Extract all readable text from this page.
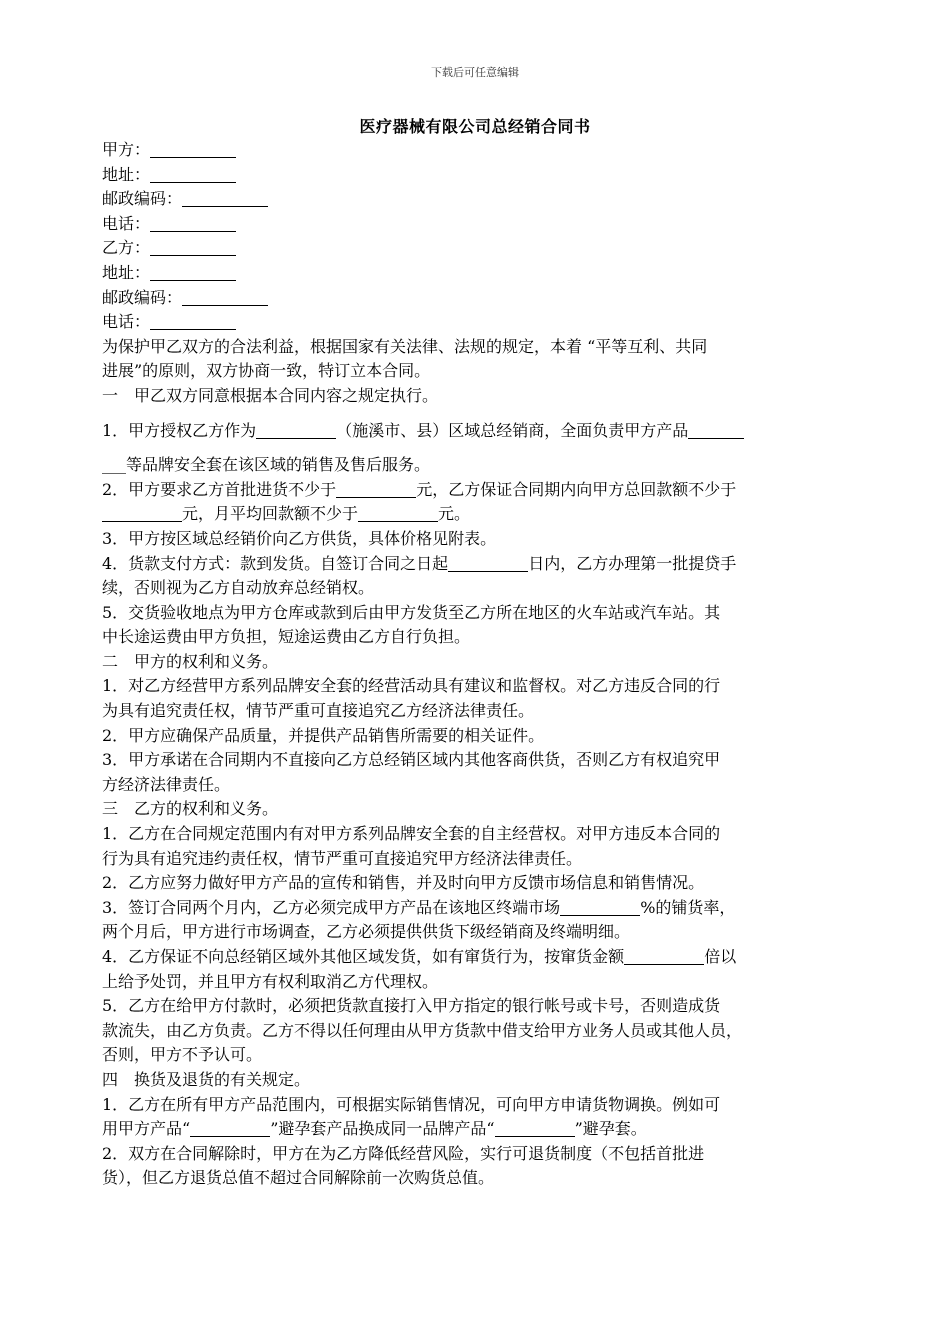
下载后可任意编辑
医疗器械有限公司总经销合同书
甲方：
地址：
邮政编码：
电话：
乙方：
地址：
邮政编码：
电话：
为保护甲乙双方的合法利益，根据国家有关法律、法规的规定，本着 “平等互利、共同
进展”的原则，双方协商一致，特订立本合同。
一　甲乙双方同意根据本合同内容之规定执行。
1．甲方授权乙方作为	（施溪市、县）区域总经销商，全面负责甲方产品
___等品牌安全套在该区域的销售及售后服务。
2．甲方要求乙方首批进货不少于	元，乙方保证合同期内向甲方总回款额不少于
元，月平均回款额不少于	元。
3．甲方按区域总经销价向乙方供货，具体价格见附表。
4．货款支付方式：款到发货。自签订合同之日起	日内，乙方办理第一批提贷手
续，否则视为乙方自动放弃总经销权。
5．交货验收地点为甲方仓库或款到后由甲方发货至乙方所在地区的火车站或汽车站。其
中长途运费由甲方负担，短途运费由乙方自行负担。
二　甲方的权利和义务。
1．对乙方经营甲方系列品牌安全套的经营活动具有建议和监督权。对乙方违反合同的行
为具有追究责任权，情节严重可直接追究乙方经济法律责任。
2．甲方应确保产品质量，并提供产品销售所需要的相关证件。
3．甲方承诺在合同期内不直接向乙方总经销区域内其他客商供货，否则乙方有权追究甲
方经济法律责任。
三　乙方的权利和义务。
1．乙方在合同规定范围内有对甲方系列品牌安全套的自主经营权。对甲方违反本合同的
行为具有追究违约责任权，情节严重可直接追究甲方经济法律责任。
2．乙方应努力做好甲方产品的宣传和销售，并及时向甲方反馈市场信息和销售情况。
3．签订合同两个月内，乙方必须完成甲方产品在该地区终端市场	%的铺货率，
两个月后，甲方进行市场调查，乙方必须提供供货下级经销商及终端明细。
4．乙方保证不向总经销区域外其他区域发货，如有窜货行为，按窜货金额	倍以
上给予处罚，并且甲方有权利取消乙方代理权。
5．乙方在给甲方付款时，必须把货款直接打入甲方指定的银行帐号或卡号，否则造成货
款流失，由乙方负责。乙方不得以任何理由从甲方货款中借支给甲方业务人员或其他人员，
否则，甲方不予认可。
四　换货及退货的有关规定。
1．乙方在所有甲方产品范围内，可根据实际销售情况，可向甲方申请货物调换。例如可
用甲方产品“	”避孕套产品换成同一品牌产品“	”避孕套。
2．双方在合同解除时，甲方在为乙方降低经营风险，实行可退货制度（不包括首批进
货），但乙方退货总值不超过合同解除前一次购货总值。
